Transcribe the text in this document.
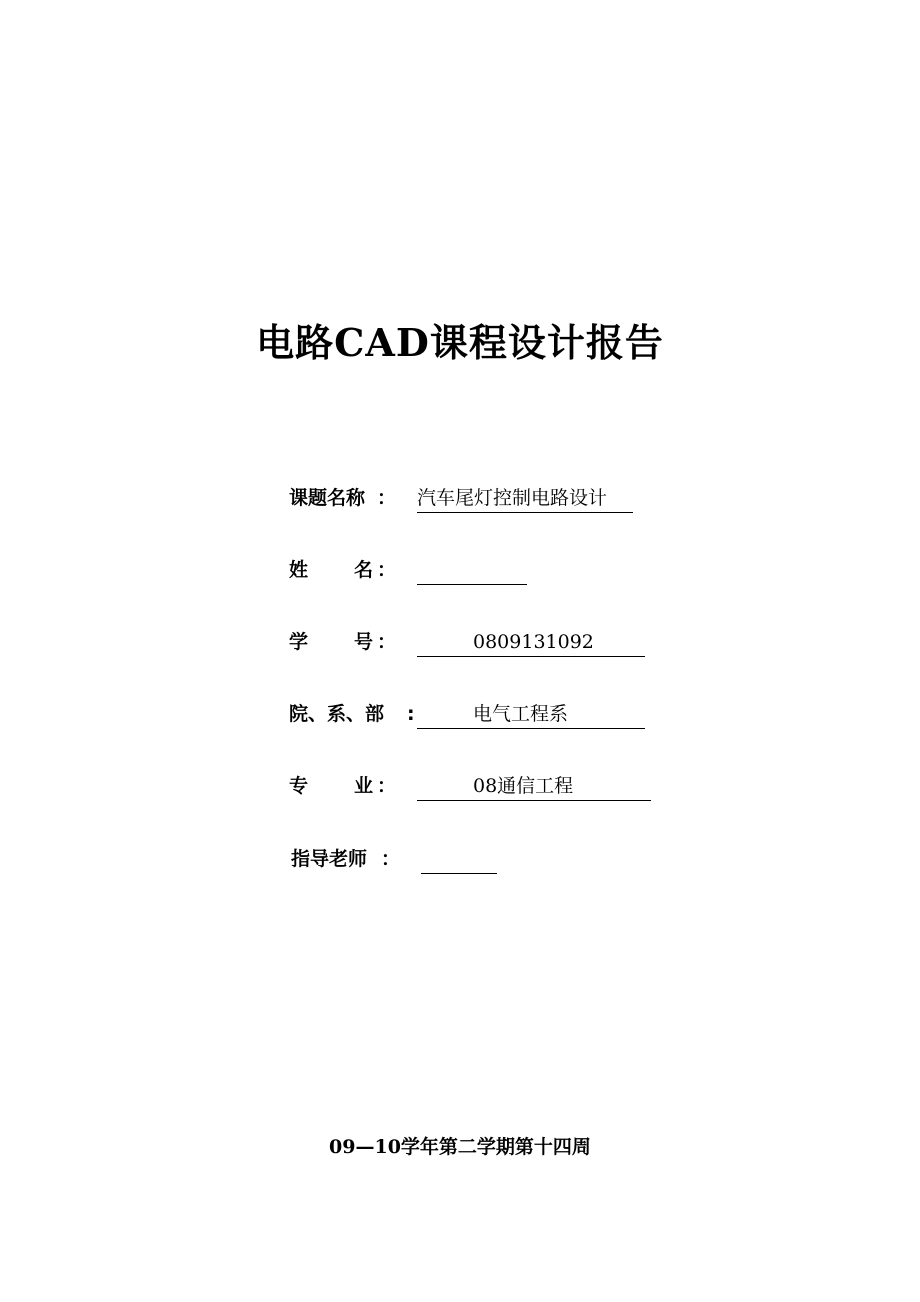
电路CAD课程设计报告
课题名称 ： 汽车尾灯控制电路设计
姓 名 ：
学 号 ：	0809131092
院、系、部 :	电气工程系
专 业 ：	08通信工程
指导老师 ：
09—10学年第二学期第十四周
